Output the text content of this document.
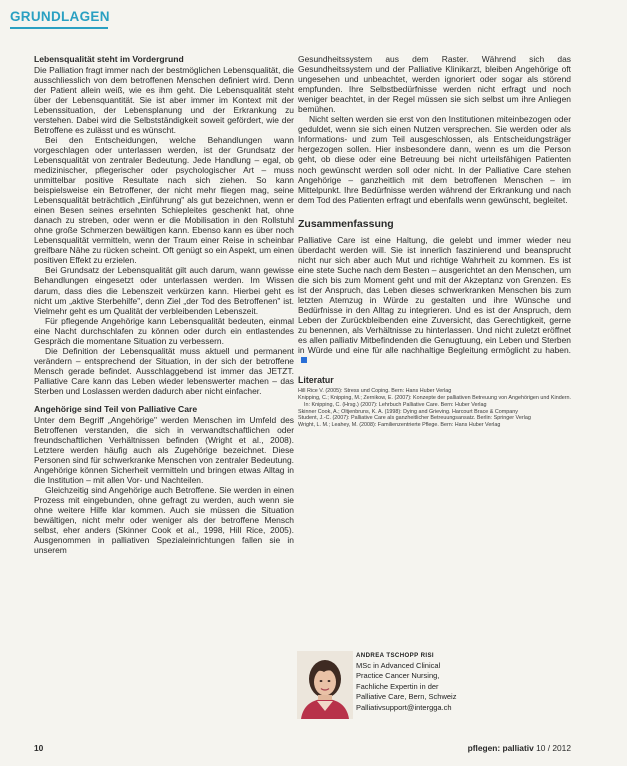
GRUNDLAGEN
Lebensqualität steht im Vordergrund

Die Palliation fragt immer nach der bestmöglichen Lebensqualität, die ausschliesslich von dem betroffenen Menschen definiert wird. Denn der Patient allein weiß, wie es ihm geht. Die Lebensqualität steht über der Lebensquantität. Sie ist aber immer im Kontext mit der Lebenssituation, der Lebensplanung und der Erkrankung zu verstehen. Dabei wird die Selbstständigkeit soweit gefördert, wie der Betroffene es zulässt und es wünscht.

Bei den Entscheidungen, welche Behandlungen wann vorgeschlagen oder unterlassen werden, ist der Grundsatz der Lebensqualität von zentraler Bedeutung. Jede Handlung – egal, ob medizinischer, pflegerischer oder psychologischer Art – muss unmittelbar positive Resultate nach sich ziehen. So kann beispielsweise ein Betroffener, der nicht mehr fliegen mag, seine Lebensqualität beträchtlich „Einführung" als gut bezeichnen, wenn er einen Besen seines ersehnten Schiepleites geschenkt hat, ohne danach zu streben, oder wenn er die Mobilisation in den Rollstuhl ohne große Schmerzen bewältigen kann. Ebenso kann es über noch Lebensqualität vermitteln, wenn der Traum einer Reise in scheinbar greifbare Nähe zu rücken scheint. Oft genügt so ein Aspekt, um einen positiven Effekt zu erzielen.

Bei Grundsatz der Lebensqualität gilt auch darum, wann gewisse Behandlungen eingesetzt oder unterlassen werden. Im Wissen darum, dass dies die Lebenszeit verkürzen kann. Hierbei geht es nicht um „aktive Sterbehilfe", denn Ziel „der Tod des Betroffenen" ist. Vielmehr geht es um Qualität der verbleibenden Lebenszeit.

Für pflegende Angehörige kann Lebensqualität bedeuten, einmal eine Nacht durchschlafen zu können oder durch ein entlastendes Gespräch die momentane Situation zu verbessern.

Die Definition der Lebensqualität muss aktuell und permanent verändern – entsprechend der Situation, in der sich der betroffene Mensch gerade befindet. Ausschlaggebend ist immer das JETZT. Palliative Care kann das Leben wieder lebenswerter machen – das Sterben und Loslassen werden dadurch aber nicht einfacher.

Angehörige sind Teil von Palliative Care

Unter dem Begriff „Angehörige" werden Menschen im Umfeld des Betroffenen verstanden, die sich in verwandtschaftlichen oder freundschaftlichen Verhältnissen befinden (Wright et al., 2008). Letztere werden häufig auch als Zugehörige bezeichnet. Diese Personen sind für schwerkranke Menschen von zentraler Bedeutung. Angehörige können Sicherheit vermitteln und bringen etwas Alltag in die Institution – mit allen Vor- und Nachteilen.

Gleichzeitig sind Angehörige auch Betroffene. Sie werden in einen Prozess mit eingebunden, ohne gefragt zu werden, auch wenn sie ohne weitere Hilfe klar kommen. Auch sie müssen die Situation bewältigen, nicht mehr oder weniger als der betroffene Mensch selbst, eher anders (Skinner Cook et al., 1998, Hill Rice, 2005). Ausgenommen in palliativen Spezialeinrichtungen fallen sie in unserem

Gesundheitssystem aus dem Raster. Während sich das Gesundheitssystem und der Palliative Klinikarzt, bleiben Angehörige oft ungesehen und unbeachtet, werden ignoriert oder sogar als störend empfunden. Ihre Selbstbedürfnisse werden nicht erfragt und noch weniger beachtet, in der Regel müssen sie sich selbst um ihre Anliegen bemühen.

Nicht selten werden sie erst von den Institutionen miteinbezogen oder geduldet, wenn sie sich einen Nutzen versprechen. Sie werden oder als Informations- und zum Teil ausgeschlossen, als Entscheidungsträger hergezogen sollen. Hier insbesondere dann, wenn es um die Person geht, ob diese oder eine Betreuung bei nicht urteilsfähigen Patienten noch gewünscht werden soll oder nicht. In der Palliative Care stehen Angehörige – ganzheitlich mit dem betroffenen Menschen – im Mittelpunkt. Ihre Bedürfnisse werden während der Erkrankung und nach dem Tod des Patienten erfragt und ebenfalls wenn gewünscht, begleitet.

Zusammenfassung

Palliative Care ist eine Haltung, die gelebt und immer wieder neu überdacht werden will. Sie ist innerlich faszinierend und beansprucht nicht nur sich aber auch Mut und richtige Wahrheit zu kommen. Es ist eine stete Suche nach dem Besten – ausgerichtet an den Menschen, um die sich bis zum Moment geht und mit der Akzeptanz von Grenzen. Es ist der Anspruch, das Leben dieses schwerkranken Menschen bis zum letzten Atemzug in Würde zu gestalten und ihre Wünsche und Bedürfnisse in den Alltag zu integrieren. Und es ist der Anspruch, dem Leben der Zurückbleibenden eine Zuversicht, das Gerechtigkeit, gerne zu benennen, als Verhältnisse zu hinterlassen. Und nicht zuletzt eröffnet es allen palliativ Mitbefindenden die Genugtuung, ein Leben und Sterben in Würde und eine für alle nachhaltige Begleitung ermöglicht zu haben.

Literatur
Hill Rice V. (2005): Stress und Coping. Bern: Hans Huber Verlag
Knipping, C.; Knipping, M.; Zernikow, E. (2007): Konzepte der palliativen Betreuung von Angehörigen und Kindern. In: Knipping, C. (Hrsg.) (2007): Lehrbuch Palliative Care. Bern: Huber Verlag
Skinner Cook, A.; Oltjenbruns, K. A. (1998): Dying and Grieving. Harcourt Brace & Company
Student, J.-C. (2007): Palliative Care als ganzheitlicher Betreuungsansatz. Berlin: Springer Verlag
Wright, L. M.; Leahey, M. (2008): Familienzentrierte Pflege. Bern: Hans Huber Verlag
ANDREA TSCHOPP RISI
MSc in Advanced Clinical
Practice Cancer Nursing,
Fachliche Expertin in der
Palliative Care, Bern, Schweiz
Palliativsupport@intergga.ch
10	pflegen: palliativ 10 / 2012
